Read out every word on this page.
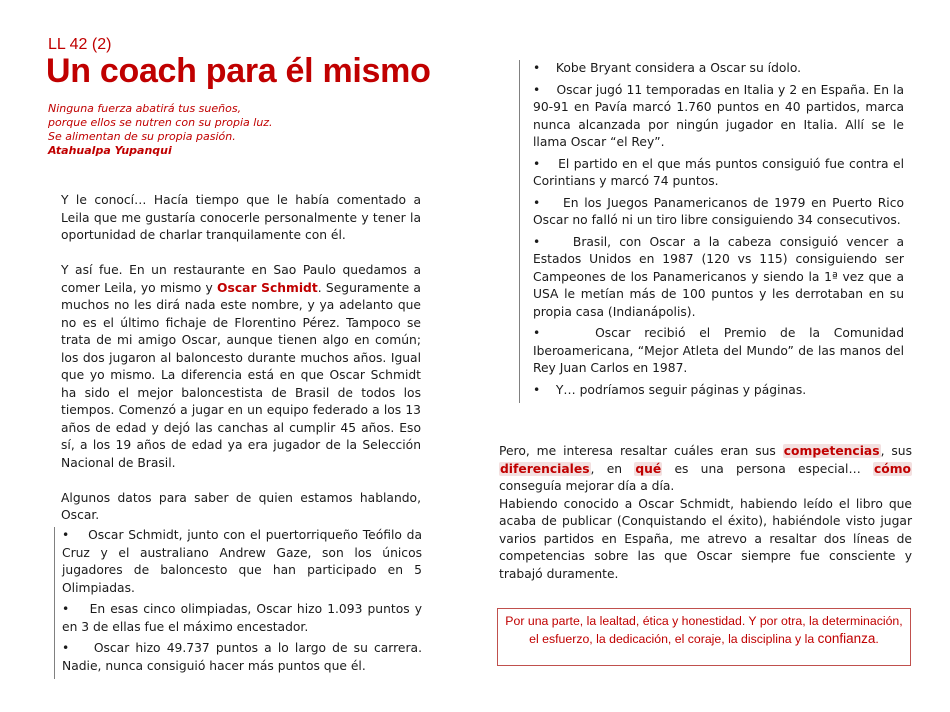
LL 42 (2)
Un coach para él mismo
Ninguna fuerza abatirá tus sueños,
porque ellos se nutren con su propia luz.
Se alimentan de su propia pasión.
Atahualpa Yupanqui

Y le conocí… Hacía tiempo que le había comentado a Leila que me gustaría conocerle personalmente y tener la oportunidad de charlar tranquilamente con él.

Y así fue. En un restaurante en Sao Paulo quedamos a comer Leila, yo mismo y Oscar Schmidt. Seguramente a muchos no les dirá nada este nombre, y ya adelanto que no es el último fichaje de Florentino Pérez. Tampoco se trata de mi amigo Oscar, aunque tienen algo en común; los dos jugaron al baloncesto durante muchos años. Igual que yo mismo. La diferencia está en que Oscar Schmidt ha sido el mejor baloncestista de Brasil de todos los tiempos. Comenzó a jugar en un equipo federado a los 13 años de edad y dejó las canchas al cumplir 45 años. Eso sí, a los 19 años de edad ya era jugador de la Selección Nacional de Brasil.

Algunos datos para saber de quien estamos hablando, Oscar.

• Oscar Schmidt, junto con el puertorriqueño Teófilo da Cruz y el australiano Andrew Gaze, son los únicos jugadores de baloncesto que han participado en 5 Olimpiadas.
• En esas cinco olimpiadas, Oscar hizo 1.093 puntos y en 3 de ellas fue el máximo encestador.
• Oscar hizo 49.737 puntos a lo largo de su carrera. Nadie, nunca consiguió hacer más puntos que él.
• Kobe Bryant considera a Oscar su ídolo.
• Oscar jugó 11 temporadas en Italia y 2 en España. En la 90-91 en Pavía marcó 1.760 puntos en 40 partidos, marca nunca alcanzada por ningún jugador en Italia. Allí se le llama Oscar “el Rey”.
• El partido en el que más puntos consiguió fue contra el Corintians y marcó 74 puntos.
• En los Juegos Panamericanos de 1979 en Puerto Rico Oscar no falló ni un tiro libre consiguiendo 34 consecutivos.
•	Brasil, con Oscar a la cabeza consiguió vencer a Estados Unidos en 1987 (120 vs 115) consiguiendo ser Campeones de los Panamericanos y siendo la 1ª vez que a USA le metían más de 100 puntos y les derrotaban en su propia casa (Indianápolis).
•	Oscar recibió el Premio de la Comunidad Iberoamericana, “Mejor Atleta del Mundo” de las manos del Rey Juan Carlos en 1987.
• Y… podríamos seguir páginas y páginas.

Pero, me interesa resaltar cuáles eran sus competencias, sus diferenciales, en qué es una persona especial… cómo conseguía mejorar día a día.

Habiendo conocido a Oscar Schmidt, habiendo leído el libro que acaba de publicar (Conquistando el éxito), habiéndole visto jugar varios partidos en España, me atrevo a resaltar dos líneas de competencias sobre las que Oscar siempre fue consciente y trabajó duramente.

Por una parte, la lealtad, ética y honestidad. Y por otra, la determinación, el esfuerzo, la dedicación, el coraje, la disciplina y la confianza.
